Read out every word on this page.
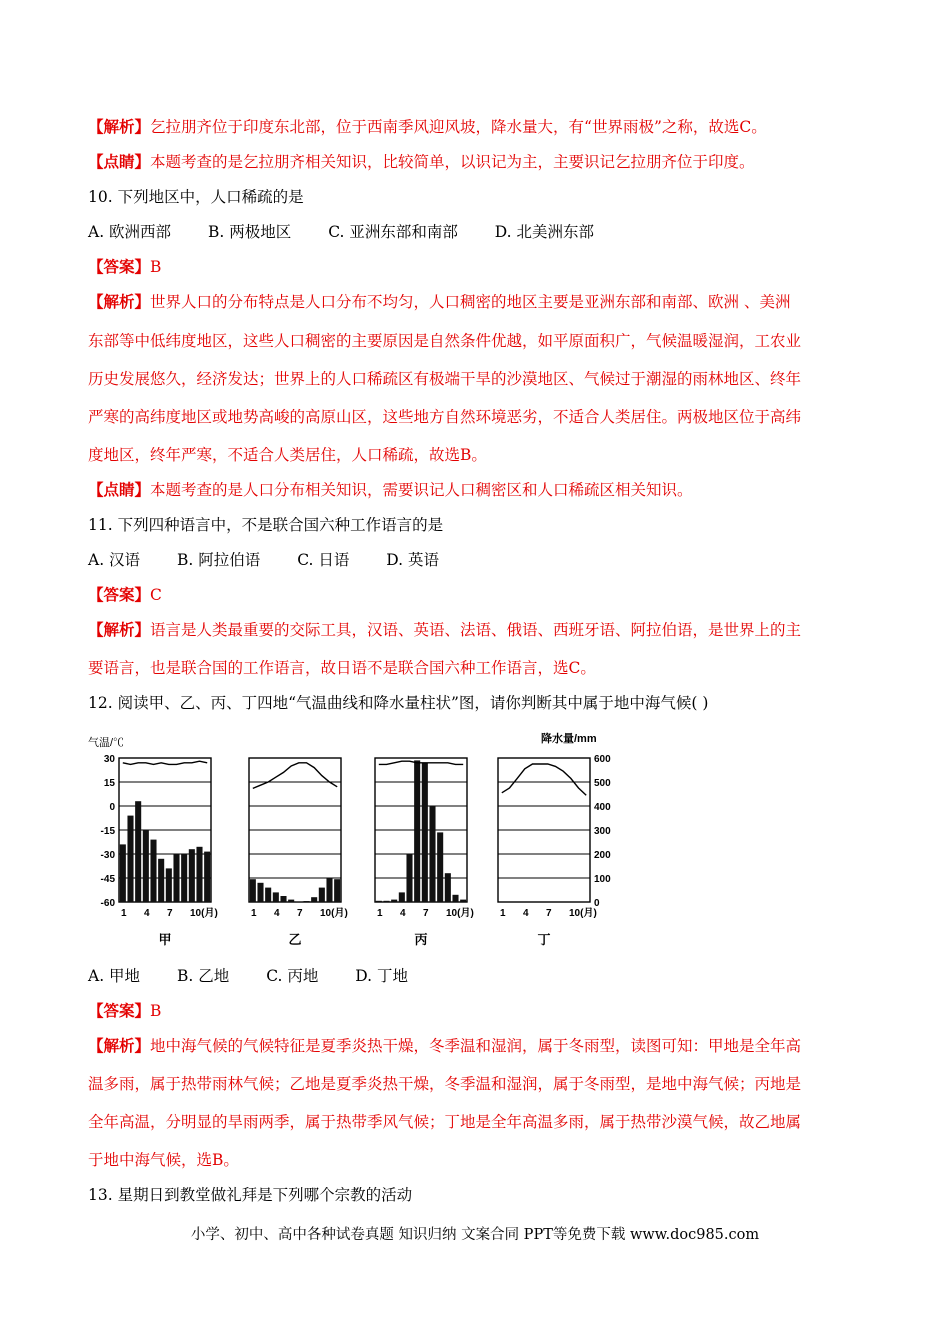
【解析】乞拉朋齐位于印度东北部，位于西南季风迎风坡，降水量大，有“世界雨极”之称，故选C。
【点睛】本题考查的是乞拉朋齐相关知识，比较简单，以识记为主，主要识记乞拉朋齐位于印度。
10. 下列地区中，人口稀疏的是
A. 欧洲西部 B. 两极地区 C. 亚洲东部和南部 D. 北美洲东部
【答案】B
【解析】世界人口的分布特点是人口分布不均匀，人口稠密的地区主要是亚洲东部和南部、欧洲 、美洲
东部等中低纬度地区，这些人口稠密的主要原因是自然条件优越，如平原面积广，气候温暖湿润，工农业
历史发展悠久，经济发达；世界上的人口稀疏区有极端干旱的沙漠地区、气候过于潮湿的雨林地区、终年
严寒的高纬度地区或地势高峻的高原山区，这些地方自然环境恶劣，不适合人类居住。两极地区位于高纬
度地区，终年严寒，不适合人类居住，人口稀疏，故选B。
【点睛】本题考查的是人口分布相关知识，需要识记人口稠密区和人口稀疏区相关知识。
11. 下列四种语言中，不是联合国六种工作语言的是
A. 汉语 B. 阿拉伯语 C. 日语 D. 英语
【答案】C
【解析】语言是人类最重要的交际工具，汉语、英语、法语、俄语、西班牙语、阿拉伯语，是世界上的主
要语言，也是联合国的工作语言，故日语不是联合国六种工作语言，选C。
12. 阅读甲、乙、丙、丁四地“气温曲线和降水量柱状”图，请你判断其中属于地中海气候( )
气温/℃
30
15
0
-15
-30
-45
-60
降水量/mm
600
500
400
300
200
100
0
1 4 7 10(月)
甲
1 4 7 10(月)
乙
1 4 7 10(月)
丙
1 4 7 10(月)
丁
A. 甲地 B. 乙地 C. 丙地 D. 丁地
【答案】B
【解析】地中海气候的气候特征是夏季炎热干燥，冬季温和湿润，属于冬雨型，读图可知：甲地是全年高
温多雨，属于热带雨林气候；乙地是夏季炎热干燥，冬季温和湿润，属于冬雨型，是地中海气候；丙地是
全年高温，分明显的旱雨两季，属于热带季风气候；丁地是全年高温多雨，属于热带沙漠气候，故乙地属
于地中海气候，选B。
13. 星期日到教堂做礼拜是下列哪个宗教的活动
小学、初中、高中各种试卷真题 知识归纳 文案合同 PPT等免费下载 www.doc985.com
